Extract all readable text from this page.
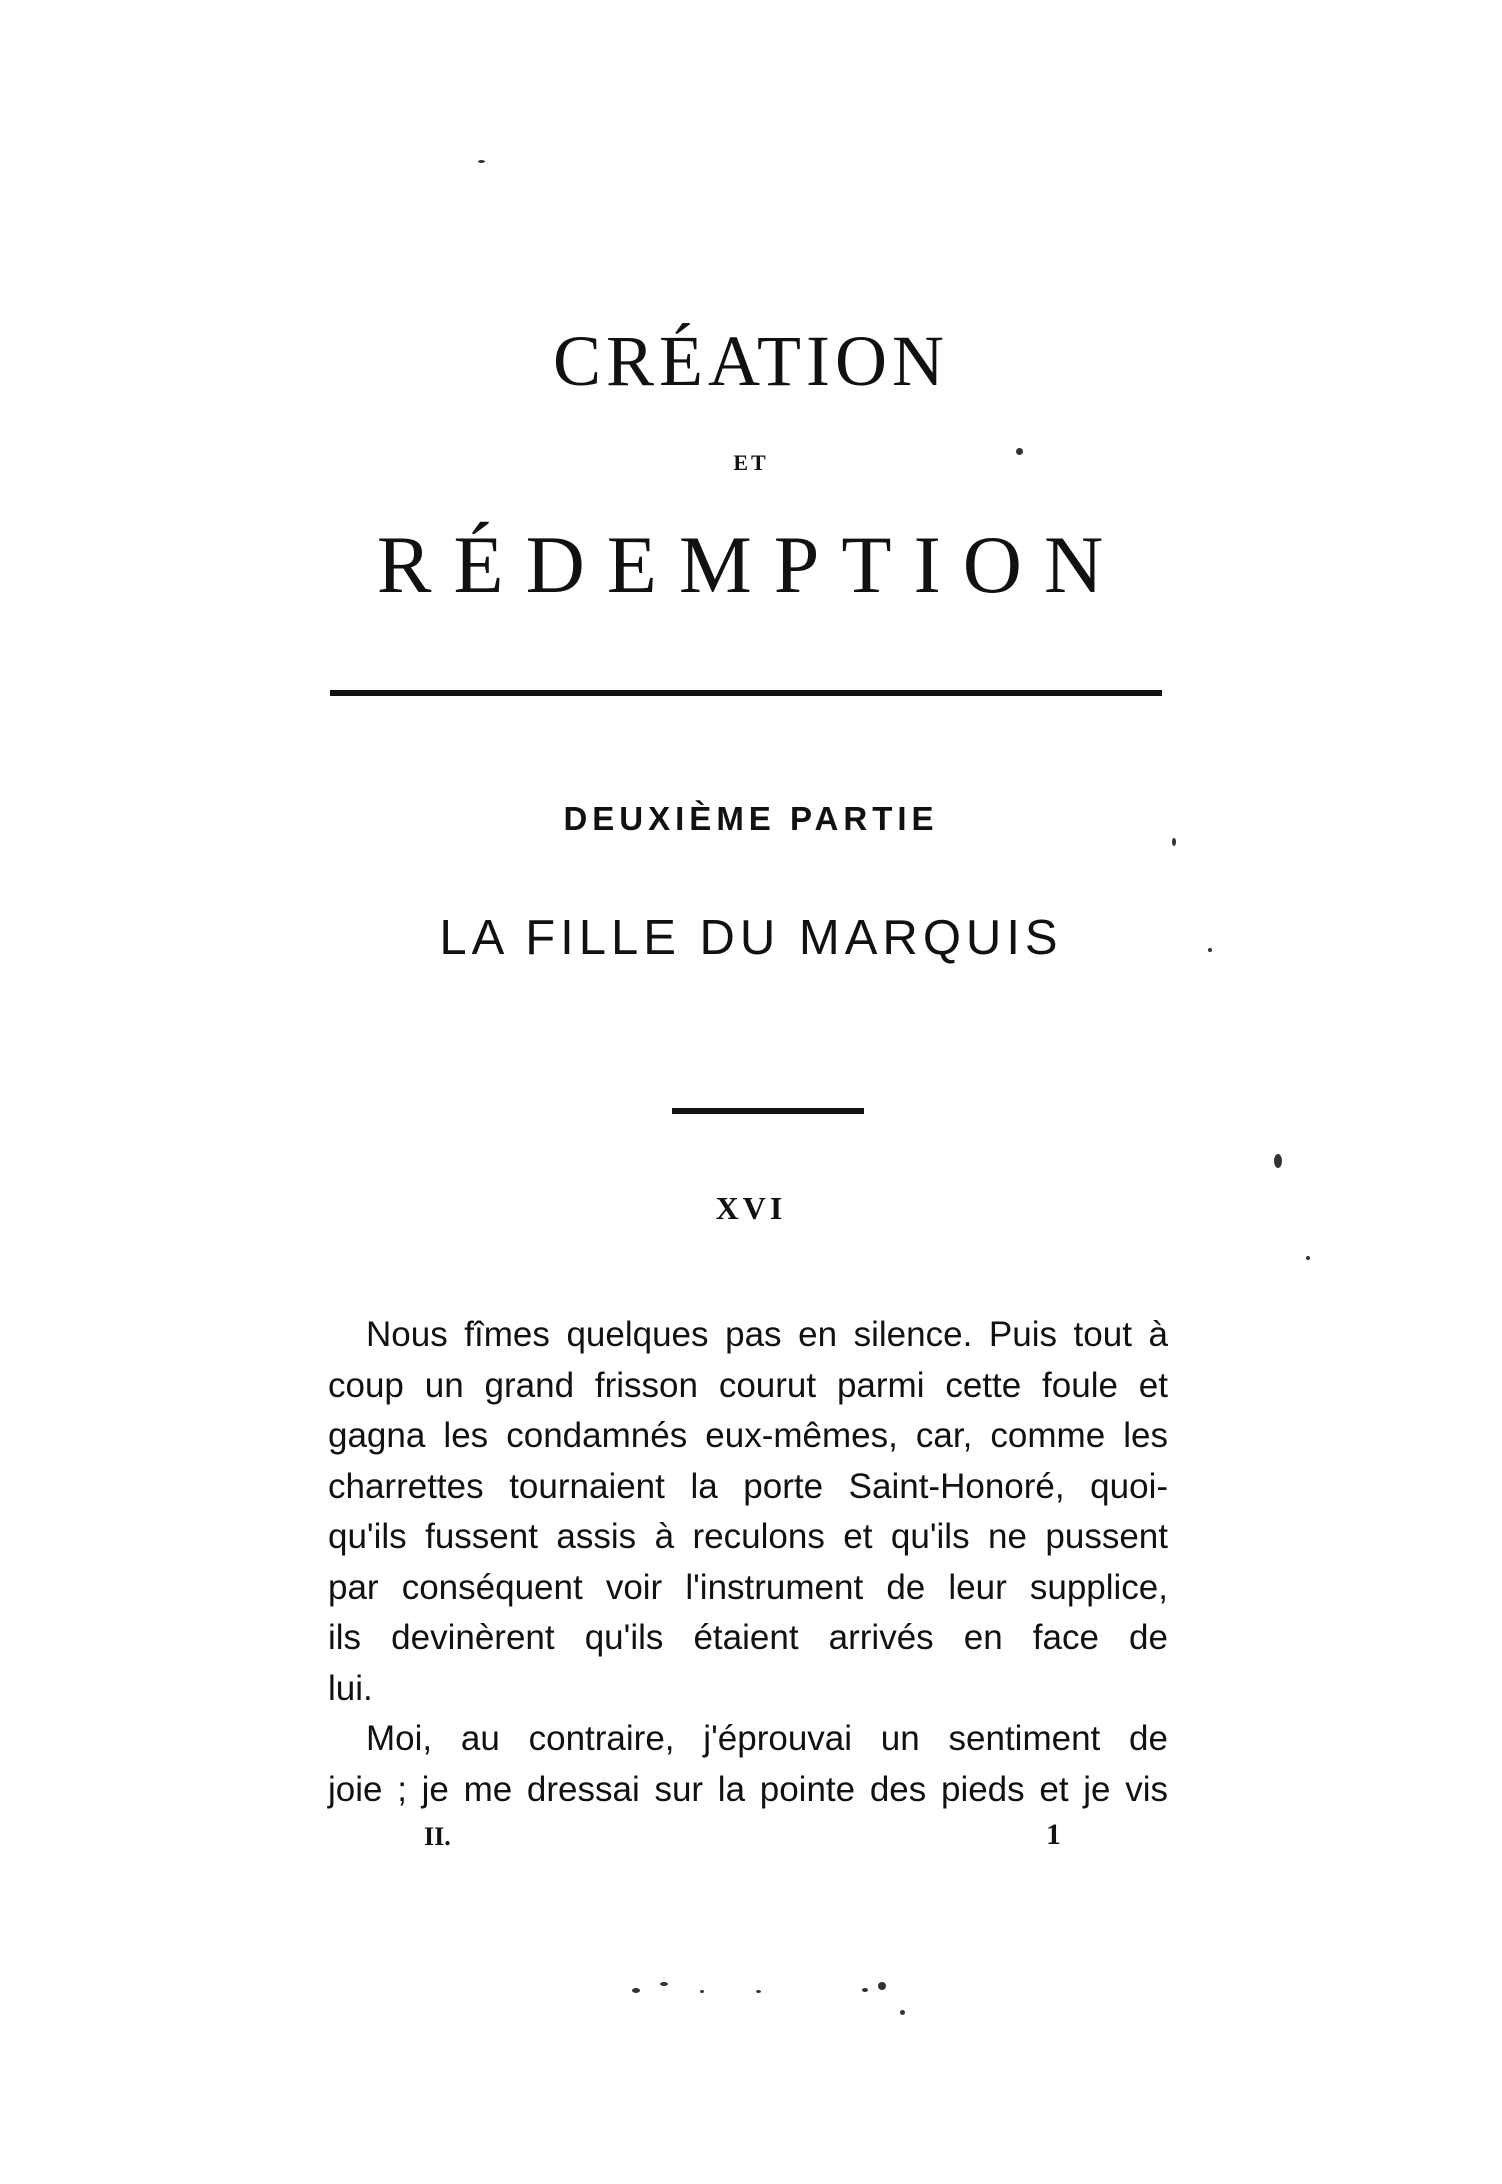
CRÉATION
ET
RÉDEMPTION
DEUXIÈME PARTIE
LA FILLE DU MARQUIS
XVI
Nous fîmes quelques pas en silence. Puis tout à
coup un grand frisson courut parmi cette foule et
gagna les condamnés eux-mêmes, car, comme les
charrettes tournaient la porte Saint-Honoré, quoi-
qu'ils fussent assis à reculons et qu'ils ne pussent
par conséquent voir l'instrument de leur supplice,
ils devinèrent qu'ils étaient arrivés en face de
lui.
Moi, au contraire, j'éprouvai un sentiment de
joie ; je me dressai sur la pointe des pieds et je vis
II.	1
